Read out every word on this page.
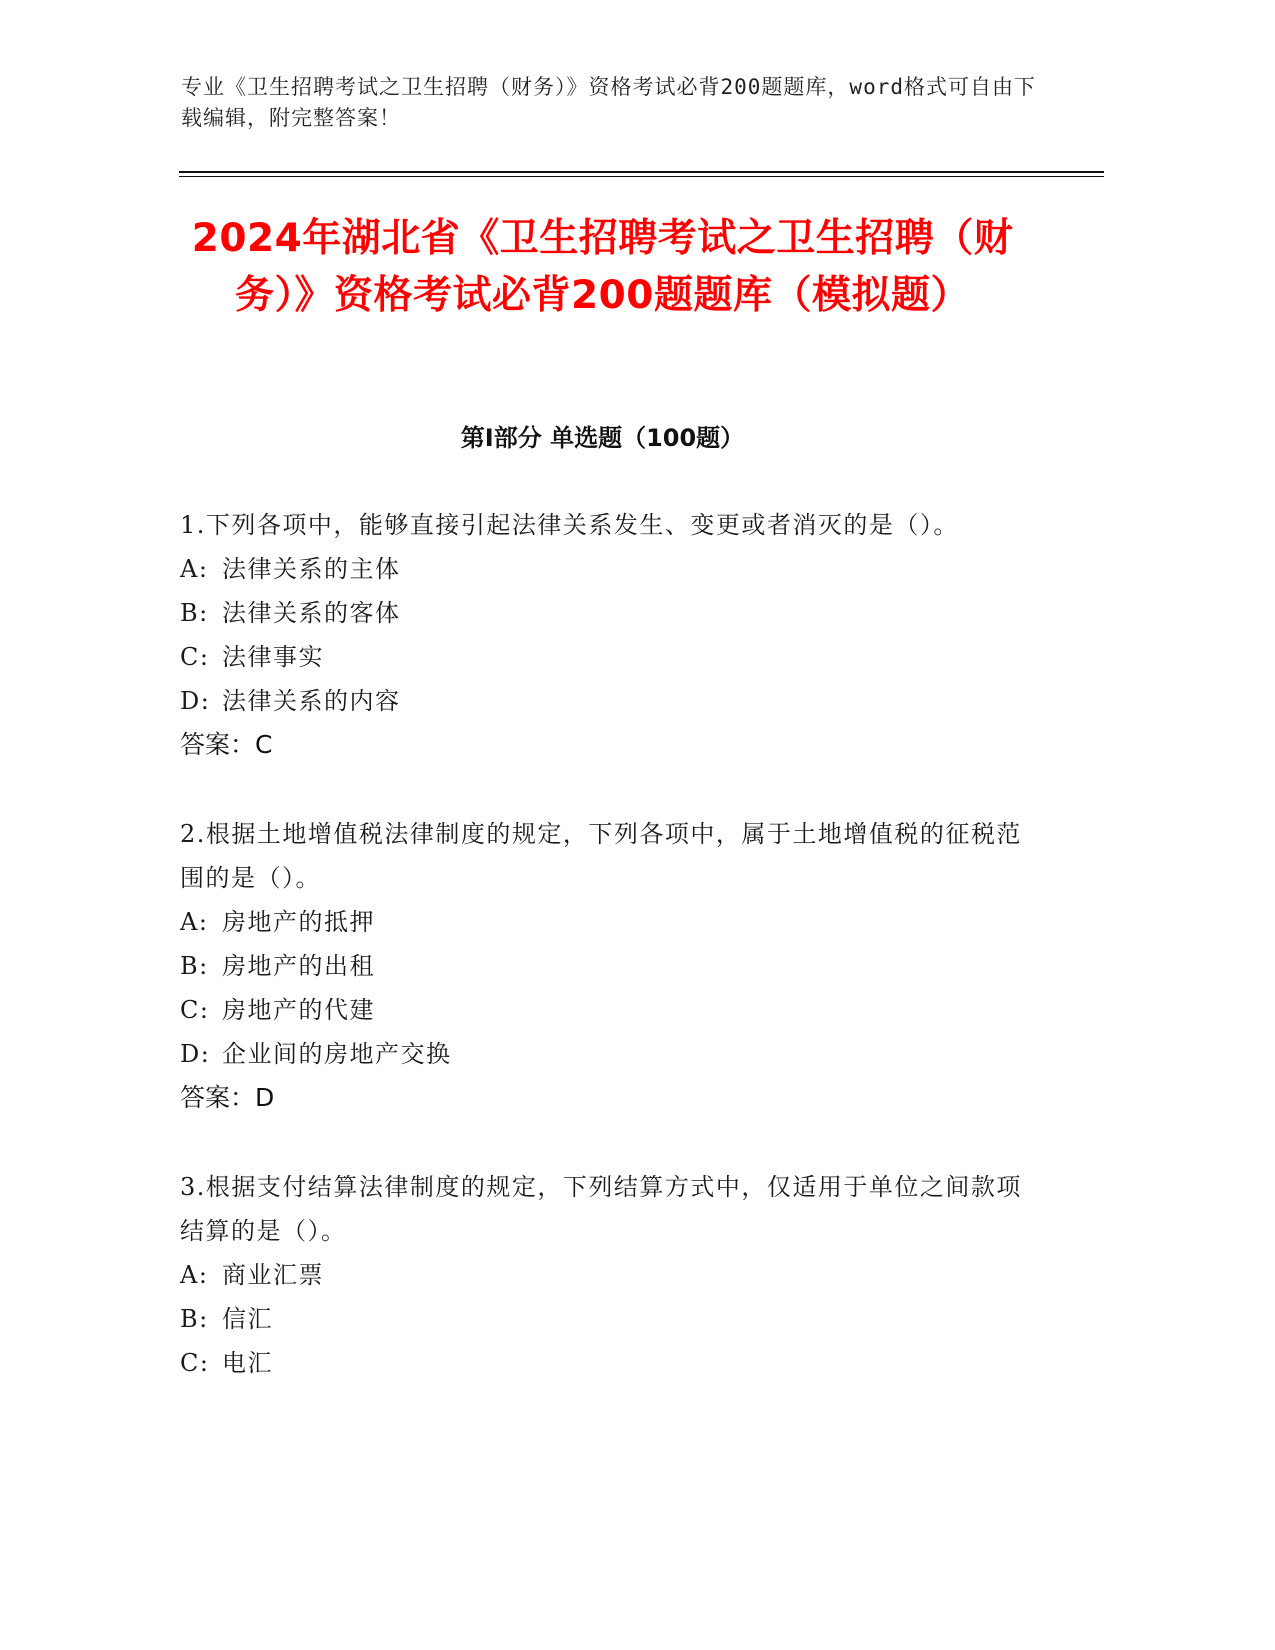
专业《卫生招聘考试之卫生招聘（财务）》资格考试必背200题题库，word格式可自由下载编辑，附完整答案！
2024年湖北省《卫生招聘考试之卫生招聘（财务）》资格考试必背200题题库（模拟题）
第Ⅰ部分 单选题（100题）

1.下列各项中，能够直接引起法律关系发生、变更或者消灭的是（）。

A: 法律关系的主体
B: 法律关系的客体
C: 法律事实
D: 法律关系的内容
答案：C

2.根据土地增值税法律制度的规定，下列各项中，属于土地增值税的征税范围的是（）。

A: 房地产的抵押
B: 房地产的出租
C: 房地产的代建
D: 企业间的房地产交换
答案：D

3.根据支付结算法律制度的规定，下列结算方式中，仅适用于单位之间款项结算的是（）。

A: 商业汇票
B: 信汇
C: 电汇
